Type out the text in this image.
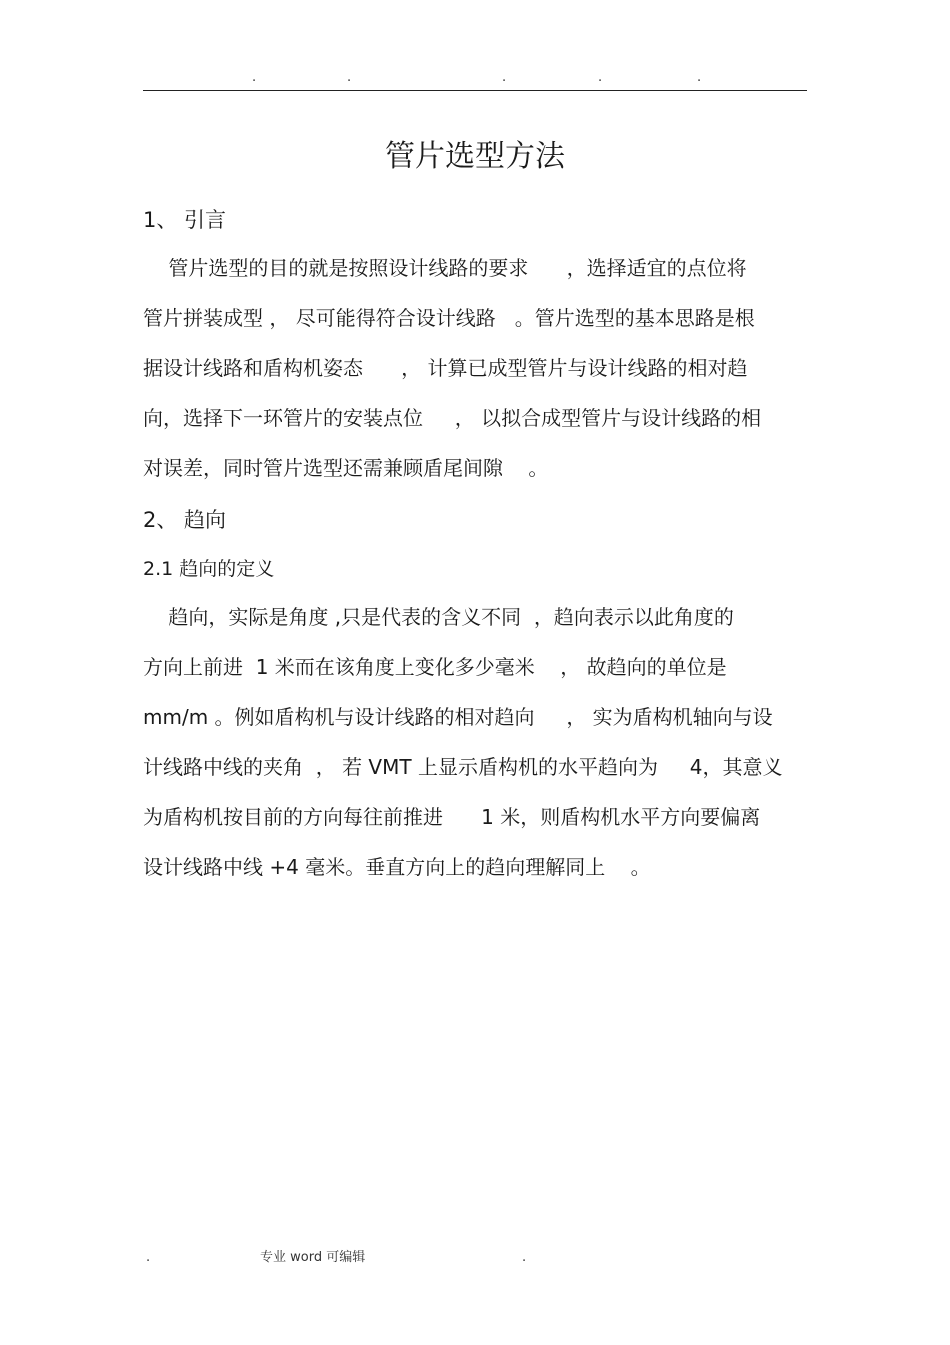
.	.	.	.	.
管片选型方法
1、 引言
管片选型的目的就是按照设计线路的要求      ，选择适宜的点位将
管片拼装成型 ， 尽可能得符合设计线路   。管片选型的基本思路是根
据设计线路和盾构机姿态      ， 计算已成型管片与设计线路的相对趋
向，选择下一环管片的安装点位     ， 以拟合成型管片与设计线路的相
对误差，同时管片选型还需兼顾盾尾间隙    。
2、 趋向
2.1 趋向的定义
趋向，实际是角度 ,只是代表的含义不同  ，趋向表示以此角度的
方向上前进  1 米而在该角度上变化多少毫米    ， 故趋向的单位是
mm/m 。例如盾构机与设计线路的相对趋向     ， 实为盾构机轴向与设
计线路中线的夹角  ， 若 VMT 上显示盾构机的水平趋向为     4，其意义
为盾构机按目前的方向每往前推进      1 米，则盾构机水平方向要偏离
设计线路中线 +4 毫米。垂直方向上的趋向理解同上    。
.	专业 word 可编辑	.
